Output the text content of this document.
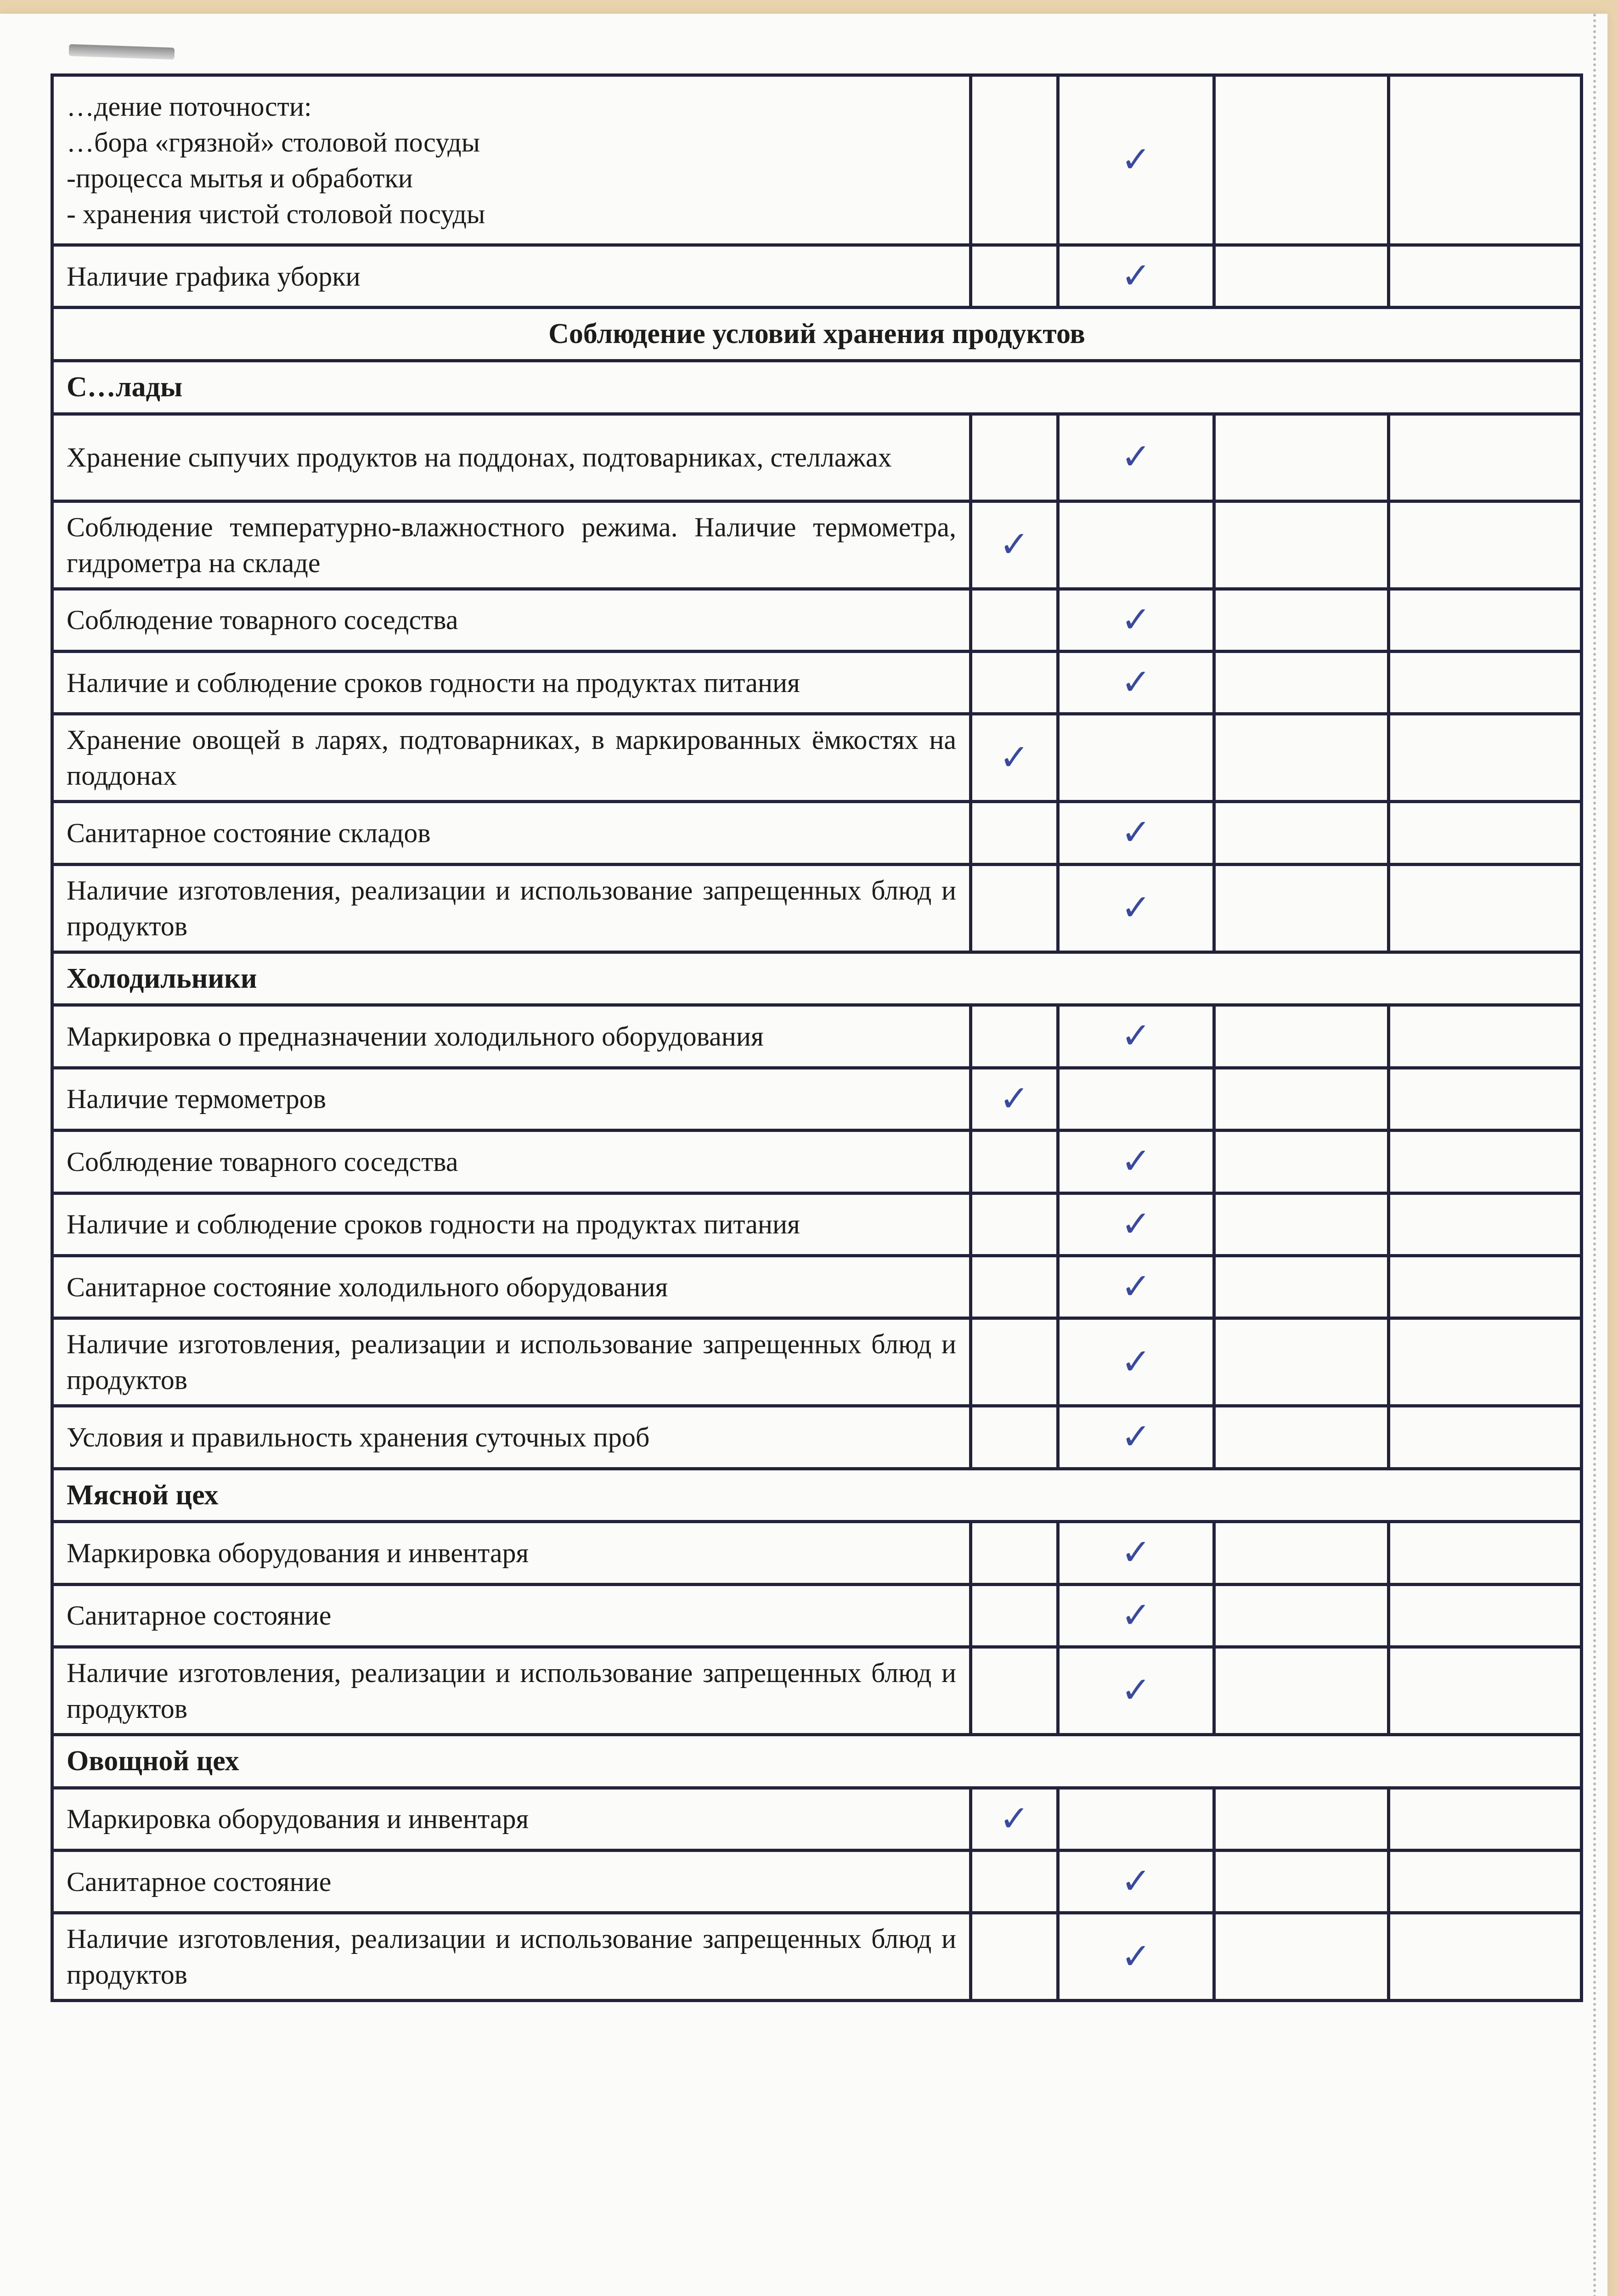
…дение поточности:
…бора «грязной» столовой посуды
-процесса мытья и обработки
- хранения чистой столовой посуды		✓		
Наличие графика уборки		✓		
Соблюдение условий хранения продуктов				
С…лады				
Хранение сыпучих продуктов на поддонах, подтоварниках, стеллажах		✓		
Соблюдение температурно-влажностного режима. Наличие термометра, гидрометра на складе	✓			
Соблюдение товарного соседства		✓		
Наличие и соблюдение сроков годности на продуктах питания		✓		
Хранение овощей в ларях, подтоварниках, в маркированных ёмкостях на поддонах	✓			
Санитарное состояние складов		✓		
Наличие изготовления, реализации и использование запрещенных блюд и продуктов		✓		
Холодильники				
Маркировка о предназначении холодильного оборудования		✓		
Наличие термометров	✓			
Соблюдение товарного соседства		✓		
Наличие и соблюдение сроков годности на продуктах питания		✓		
Санитарное состояние холодильного оборудования		✓		
Наличие изготовления, реализации и использование запрещенных блюд и продуктов		✓		
Условия и правильность хранения суточных проб		✓		
Мясной цех				
Маркировка оборудования и инвентаря		✓		
Санитарное состояние		✓		
Наличие изготовления, реализации и использование запрещенных блюд и продуктов		✓		
Овощной цех				
Маркировка оборудования и инвентаря	✓			
Санитарное состояние		✓		
Наличие изготовления, реализации и использование запрещенных блюд и продуктов		✓		
